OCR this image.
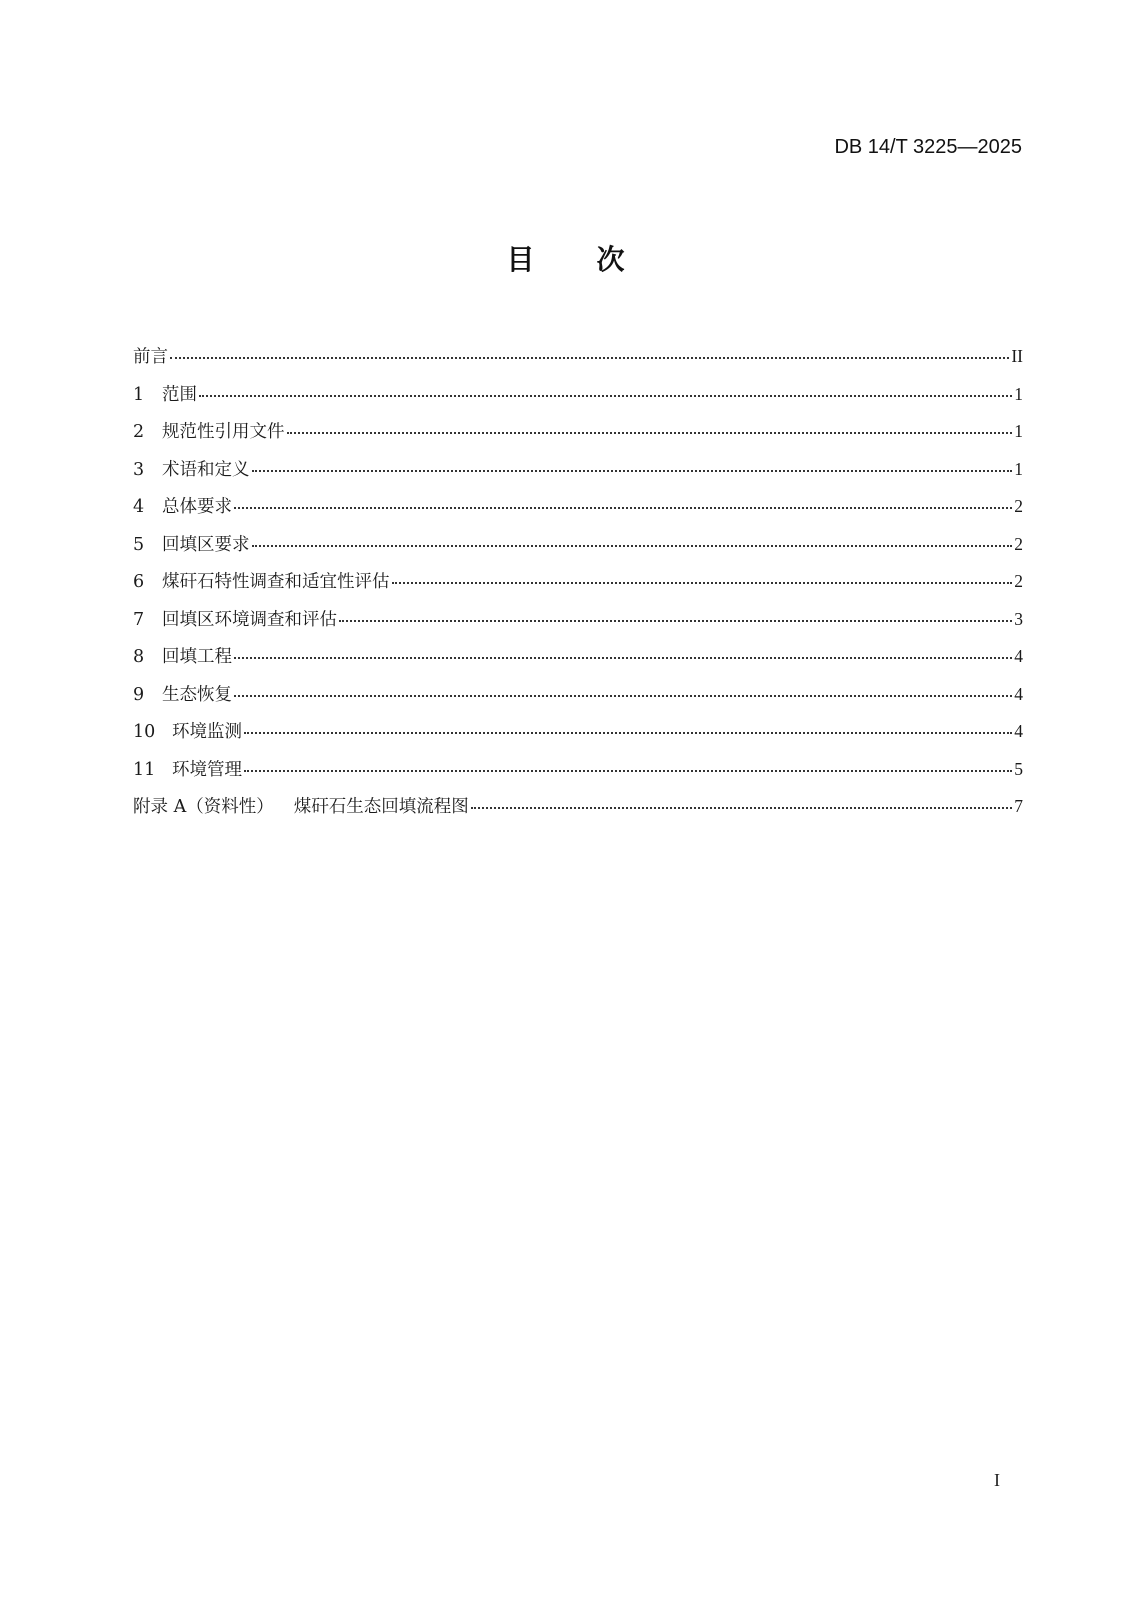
DB 14/T 3225—2025
目 次
前言	II
1	范围	1
2	规范性引用文件	1
3	术语和定义	1
4	总体要求	2
5	回填区要求	2
6	煤矸石特性调查和适宜性评估	2
7	回填区环境调查和评估	3
8	回填工程	4
9	生态恢复	4
10 环境监测	4
11 环境管理	5
附录 A（资料性） 煤矸石生态回填流程图	7
I
